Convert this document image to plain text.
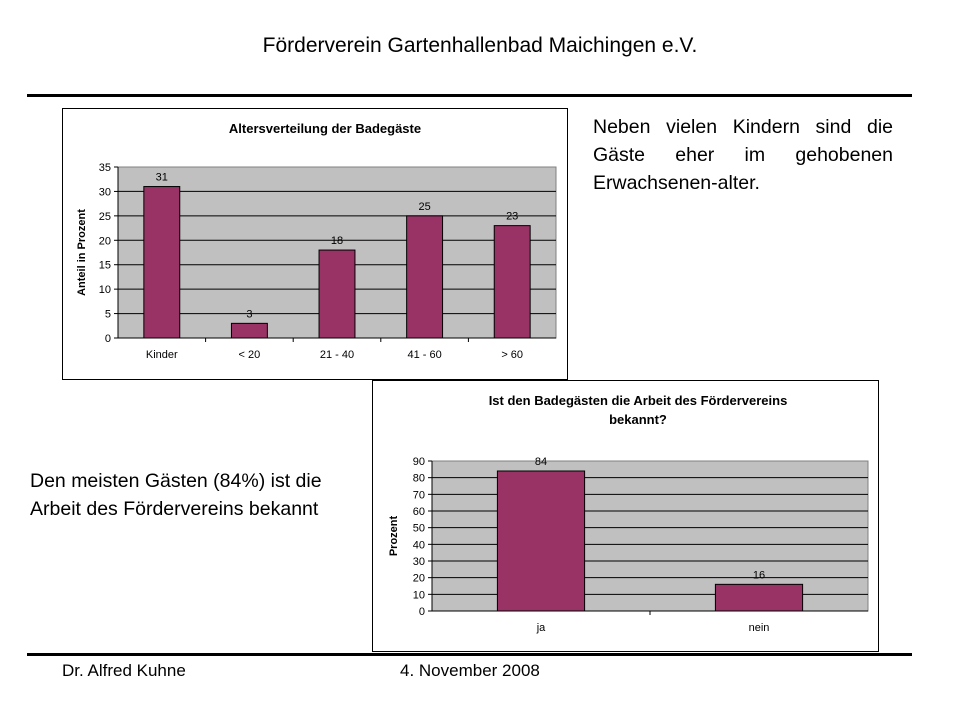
Förderverein Gartenhallenbad Maichingen e.V.
Altersverteilung der Badegäste
0
5
10
15
20
25
30
35
Anteil in Prozent
31
Kinder
3
< 20
18
21 - 40
25
41 - 60
23
> 60
Neben vielen Kindern sind die Gäste eher im gehobenen Erwachsenen-alter.
Den meisten Gästen (84%) ist die Arbeit des Fördervereins bekannt
Ist den Badegästen die Arbeit des Fördervereins
bekannt?
0
10
20
30
40
50
60
70
80
90
Prozent
84
ja
16
nein
Dr. Alfred Kuhne	4. November 2008
